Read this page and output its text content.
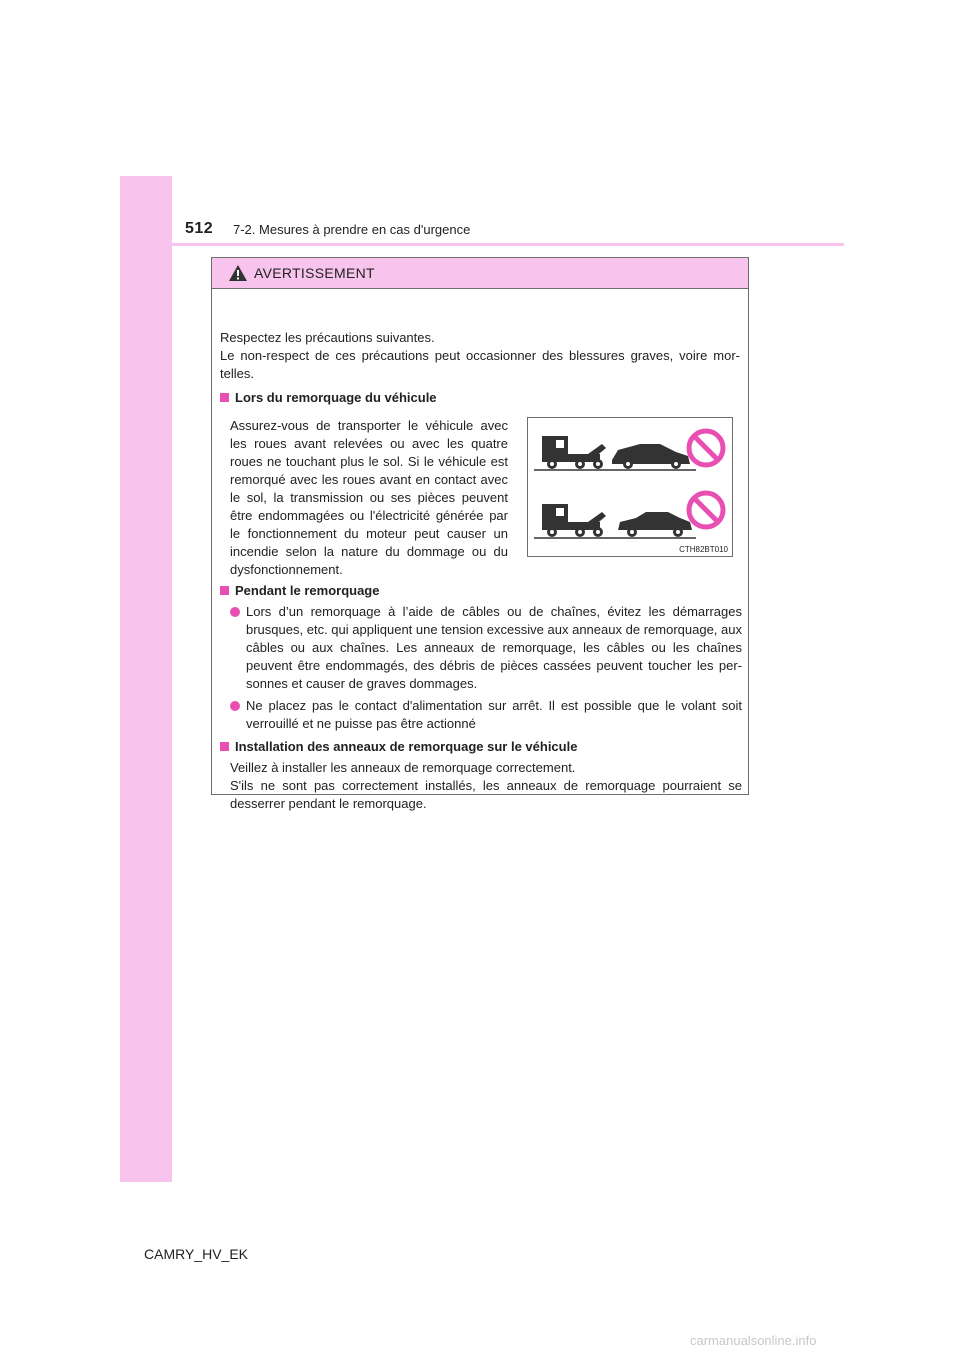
512 7-2. Mesures à prendre en cas d'urgence
AVERTISSEMENT
Respectez les précautions suivantes.
Le non-respect de ces précautions peut occasionner des blessures graves, voire mor-telles.
Lors du remorquage du véhicule
Assurez-vous de transporter le véhicule avec les roues avant relevées ou avec les quatre roues ne touchant plus le sol. Si le véhicule est remorqué avec les roues avant en contact avec le sol, la transmission ou ses pièces peuvent être endommagées ou l'électricité générée par le fonctionnement du moteur peut causer un incendie selon la nature du dommage ou du dysfonctionnement.
CTH82BT010
Pendant le remorquage
Lors d’un remorquage à l’aide de câbles ou de chaînes, évitez les démarrages brusques, etc. qui appliquent une tension excessive aux anneaux de remorquage, aux câbles ou aux chaînes. Les anneaux de remorquage, les câbles ou les chaînes peuvent être endommagés, des débris de pièces cassées peuvent toucher les per-sonnes et causer de graves dommages.
Ne placez pas le contact d'alimentation sur arrêt. Il est possible que le volant soit verrouillé et ne puisse pas être actionné
Installation des anneaux de remorquage sur le véhicule
Veillez à installer les anneaux de remorquage correctement.
S'ils ne sont pas correctement installés, les anneaux de remorquage pourraient se desserrer pendant le remorquage.
CAMRY_HV_EK
carmanualsonline.info
